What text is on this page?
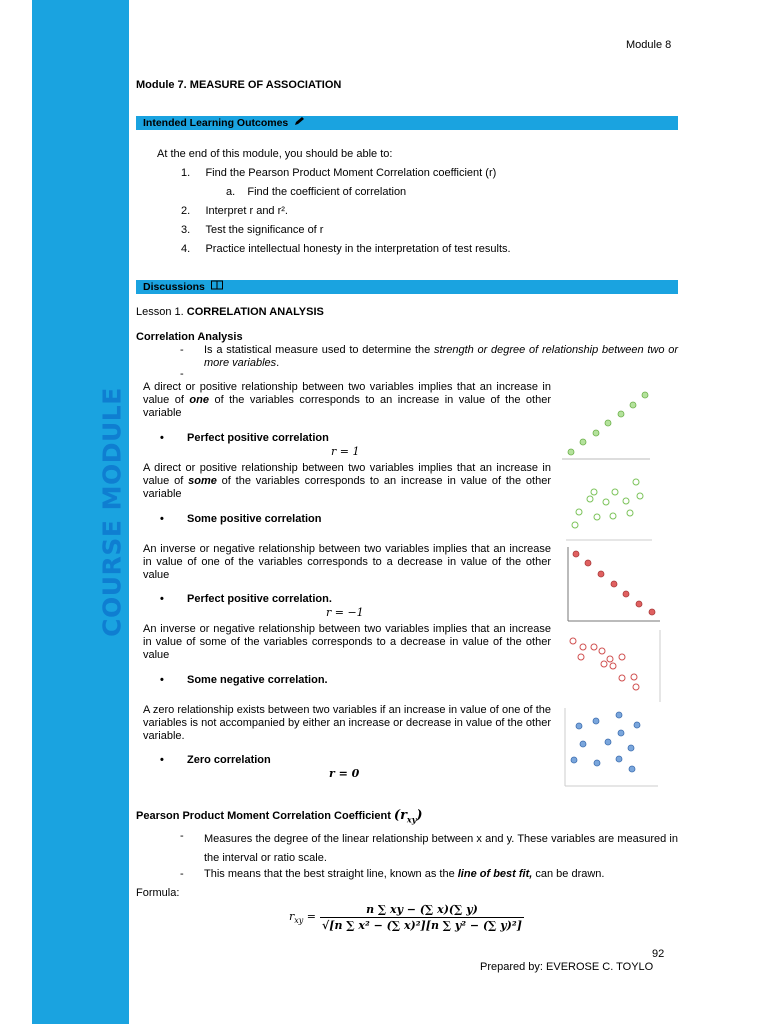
COURSE MODULE
Module 8
Module 7. MEASURE OF ASSOCIATION
Intended Learning Outcomes
At the end of this module, you should be able to:
1.     Find the Pearson Product Moment Correlation coefficient (r)
a.    Find the coefficient of correlation
2.     Interpret r and r².
3.     Test the significance of r
4.     Practice intellectual honesty in the interpretation of test results.
Discussions
Lesson 1. CORRELATION ANALYSIS
Correlation Analysis
- Is a statistical measure used to determine the strength or degree of relationship between two or more variables.
-
A direct or positive relationship between two variables implies that an increase in value of one of the variables corresponds to an increase in value of the other variable
• Perfect positive correlation
r = 1
A direct or positive relationship between two variables implies that an increase in value of some of the variables corresponds to an increase in value of the other variable
• Some positive correlation
An inverse or negative relationship between two variables implies that an increase in value of one of the variables corresponds to a decrease in value of the other value
• Perfect positive correlation.
r = −1
An inverse or negative relationship between two variables implies that an increase in value of some of the variables corresponds to a decrease in value of the other value
• Some negative correlation.
A zero relationship exists between two variables if an increase in value of one of the variables is not accompanied by either an increase or decrease in value of the other variable.
• Zero correlation
r = 0
Pearson Product Moment Correlation Coefficient $(r_{xy})$
- Measures the degree of the linear relationship between x and y. These variables are measured in the interval or ratio scale.
- This means that the best straight line, known as the line of best fit, can be drawn.
Formula:
$r_{xy}$ =
n ∑ xy − (∑ x)(∑ y)
√[n ∑ x² − (∑ x)²][n ∑ y² − (∑ y)²]
92
Prepared by: EVEROSE C. TOYLO
